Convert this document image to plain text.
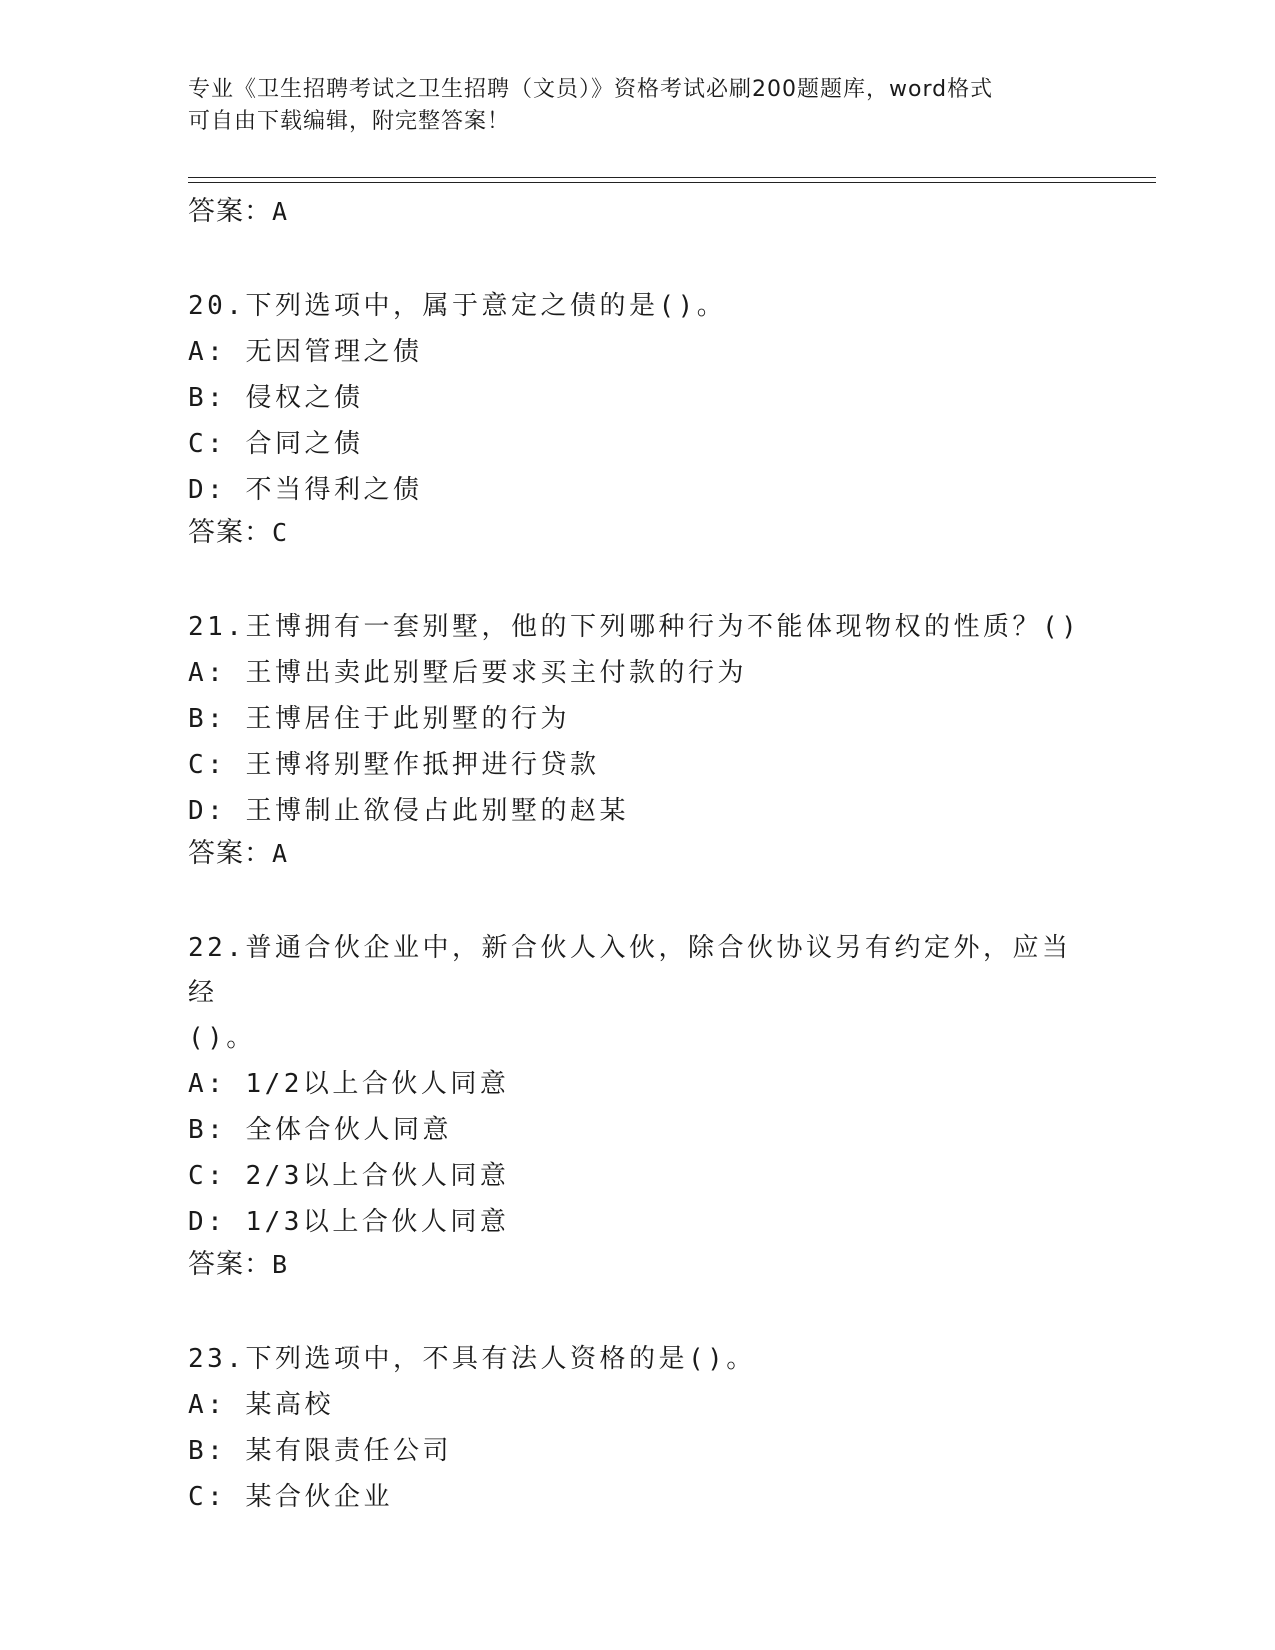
专业《卫生招聘考试之卫生招聘（文员）》资格考试必刷200题题库，word格式
可自由下载编辑，附完整答案！
答案：A
20.下列选项中，属于意定之债的是()。
A: 无因管理之债
B: 侵权之债
C: 合同之债
D: 不当得利之债
答案：C
21.王博拥有一套别墅，他的下列哪种行为不能体现物权的性质？()
A: 王博出卖此别墅后要求买主付款的行为
B: 王博居住于此别墅的行为
C: 王博将别墅作抵押进行贷款
D: 王博制止欲侵占此别墅的赵某
答案：A
22.普通合伙企业中，新合伙人入伙，除合伙协议另有约定外，应当经
()。
A: 1/2以上合伙人同意
B: 全体合伙人同意
C: 2/3以上合伙人同意
D: 1/3以上合伙人同意
答案：B
23.下列选项中，不具有法人资格的是()。
A: 某高校
B: 某有限责任公司
C: 某合伙企业
